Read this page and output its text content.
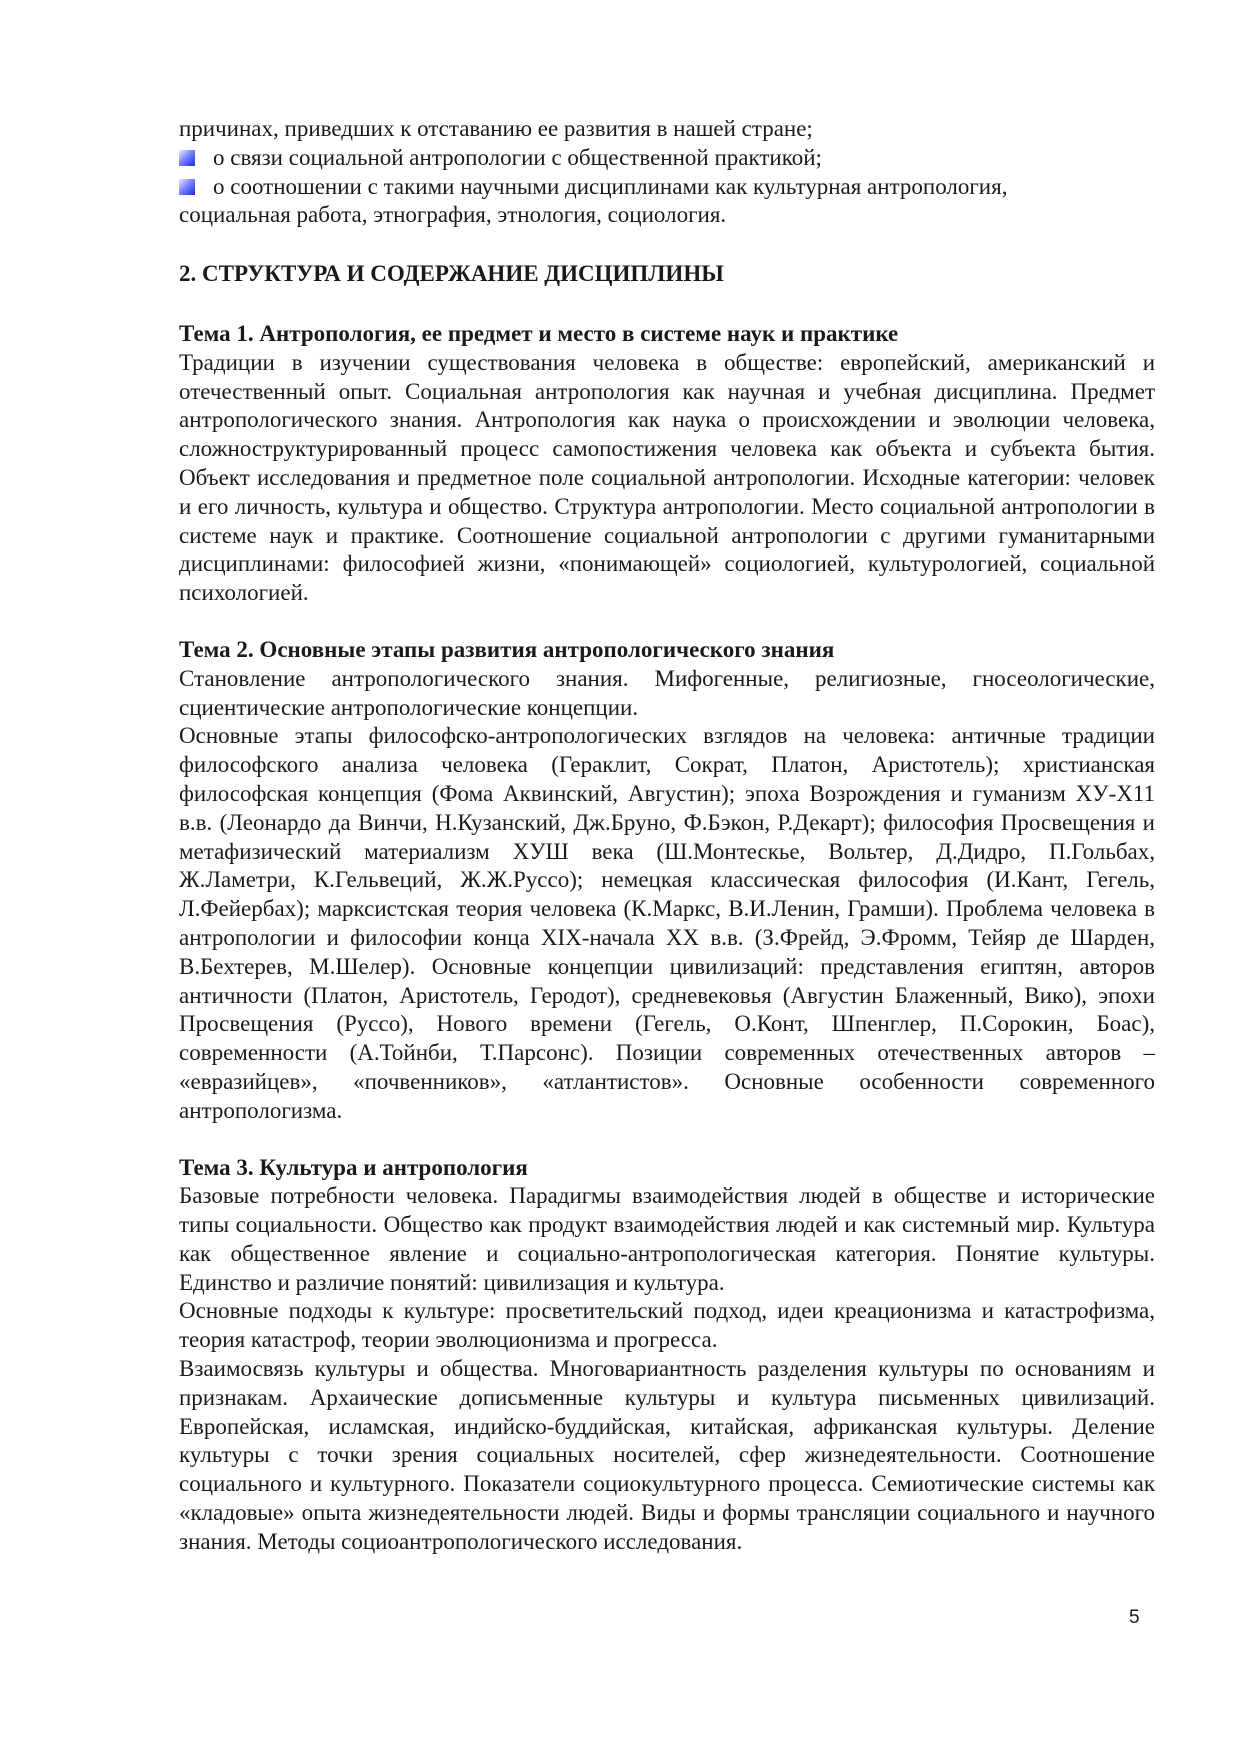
причинах, приведших к отставанию ее развития в нашей стране;

о связи социальной антропологии с общественной практикой;
о соотношении с такими научными дисциплинами как культурная антропология,

социальная работа, этнография, этнология, социология.

2. СТРУКТУРА И СОДЕРЖАНИЕ ДИСЦИПЛИНЫ
Тема 1. Антропология, ее предмет и место в системе наук и практике

Традиции в изучении существования человека в обществе: европейский, американский и отечественный опыт. Социальная антропология как научная и учебная дисциплина. Предмет антропологического знания. Антропология как наука о происхождении и эволюции человека, сложноструктурированный процесс самопостижения человека как объекта и субъекта бытия. Объект исследования и предметное поле социальной антропологии. Исходные категории: человек и его личность, культура и общество. Структура антропологии. Место социальной антропологии в системе наук и практике. Соотношение социальной антропологии с другими гуманитарными дисциплинами: философией жизни, «понимающей» социологией, культурологией, социальной психологией.

Тема 2. Основные этапы развития антропологического знания

Становление антропологического знания. Мифогенные, религиозные, гносеологические, сциентические антропологические концепции.

Основные этапы философско-антропологических взглядов на человека: античные традиции философского анализа человека (Гераклит, Сократ, Платон, Аристотель); христианская философская концепция (Фома Аквинский, Августин); эпоха Возрождения и гуманизм ХУ-Х11 в.в. (Леонардо да Винчи, Н.Кузанский, Дж.Бруно, Ф.Бэкон, Р.Декарт); философия Просвещения и метафизический материализм ХУШ века (Ш.Монтескье, Вольтер, Д.Дидро, П.Гольбах, Ж.Ламетри, К.Гельвеций, Ж.Ж.Руссо); немецкая классическая философия (И.Кант, Гегель, Л.Фейербах); марксистская теория человека (К.Маркс, В.И.Ленин, Грамши). Проблема человека в антропологии и философии конца XIX-начала ХХ в.в. (З.Фрейд, Э.Фромм, Тейяр де Шарден, В.Бехтерев, М.Шелер). Основные концепции цивилизаций: представления египтян, авторов античности (Платон, Аристотель, Геродот), средневековья (Августин Блаженный, Вико), эпохи Просвещения (Руссо), Нового времени (Гегель, О.Конт, Шпенглер, П.Сорокин, Боас), современности (А.Тойнби, Т.Парсонс). Позиции современных отечественных авторов – «евразийцев», «почвенников», «атлантистов». Основные особенности современного антропологизма.

Тема 3. Культура и антропология

Базовые потребности человека. Парадигмы взаимодействия людей в обществе и исторические типы социальности. Общество как продукт взаимодействия людей и как системный мир. Культура как общественное явление и социально-антропологическая категория. Понятие культуры. Единство и различие понятий: цивилизация и культура.

Основные подходы к культуре: просветительский подход, идеи креационизма и катастрофизма, теория катастроф, теории эволюционизма и прогресса.

Взаимосвязь культуры и общества. Многовариантность разделения культуры по основаниям и признакам. Архаические дописьменные культуры и культура письменных цивилизаций. Европейская, исламская, индийско-буддийская, китайская, африканская культуры. Деление культуры с точки зрения социальных носителей, сфер жизнедеятельности. Соотношение социального и культурного. Показатели социокультурного процесса. Семиотические системы как «кладовые» опыта жизнедеятельности людей. Виды и формы трансляции социального и научного знания. Методы социоантропологического исследования.

5
